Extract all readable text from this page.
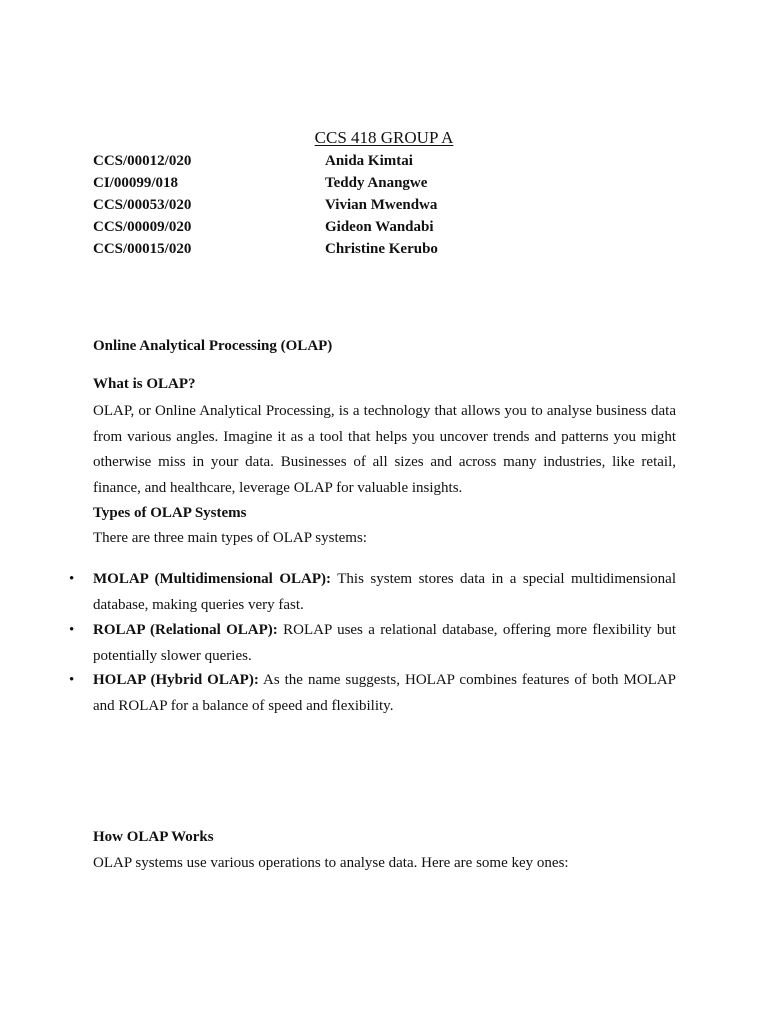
CCS 418 GROUP A
CCS/00012/020	Anida Kimtai
CI/00099/018	Teddy Anangwe
CCS/00053/020	Vivian Mwendwa
CCS/00009/020	Gideon Wandabi
CCS/00015/020	Christine Kerubo
Online Analytical Processing (OLAP)
What is OLAP?
OLAP, or Online Analytical Processing, is a technology that allows you to analyse business data from various angles. Imagine it as a tool that helps you uncover trends and patterns you might otherwise miss in your data. Businesses of all sizes and across many industries, like retail, finance, and healthcare, leverage OLAP for valuable insights.
Types of OLAP Systems
There are three main types of OLAP systems:
• MOLAP (Multidimensional OLAP): This system stores data in a special multidimensional database, making queries very fast.
• ROLAP (Relational OLAP): ROLAP uses a relational database, offering more flexibility but potentially slower queries.
• HOLAP (Hybrid OLAP): As the name suggests, HOLAP combines features of both MOLAP and ROLAP for a balance of speed and flexibility.
How OLAP Works
OLAP systems use various operations to analyse data. Here are some key ones:
